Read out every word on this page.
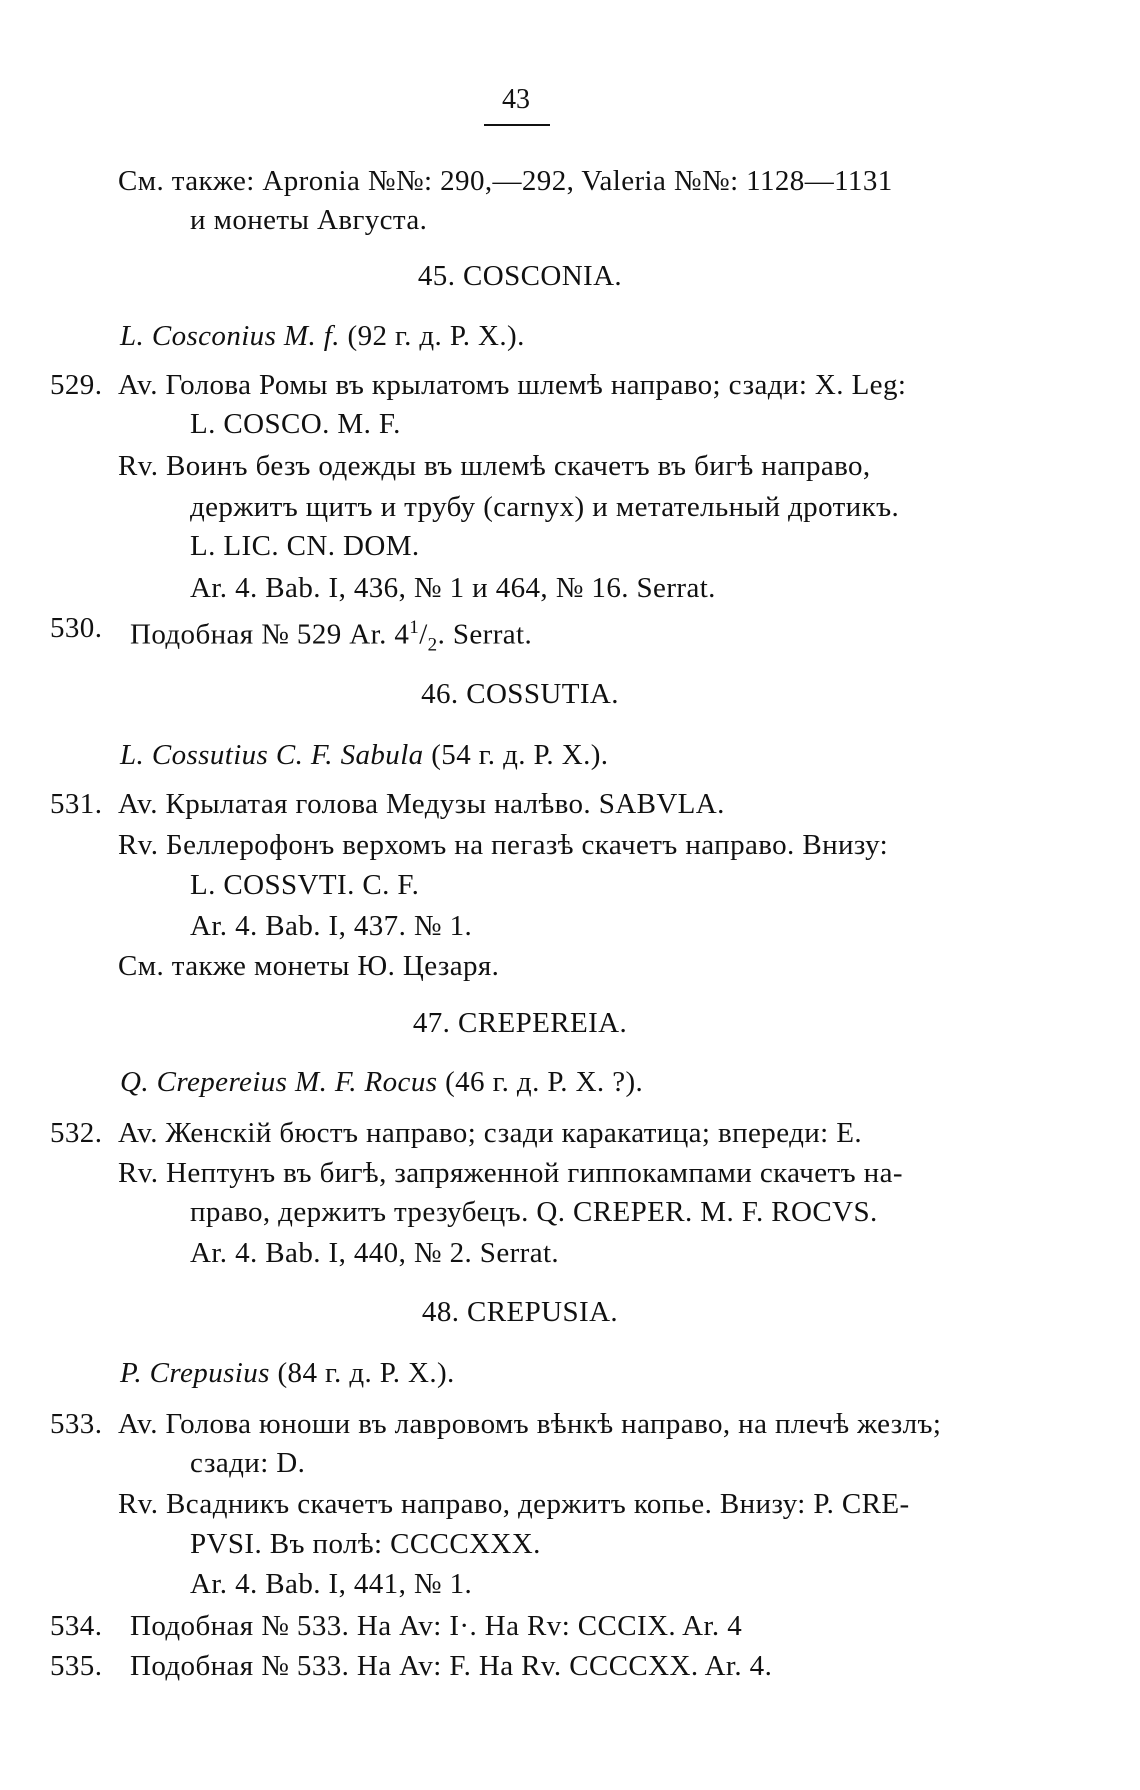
43
См. также: Apronia №№: 290,—292, Valeria №№: 1128—1131
и монеты Августа.
45. COSCONIA.
L. Cosconius M. f. (92 г. д. Р. Х.).
529. Av. Голова Ромы въ крылатомъ шлемѣ направо; сзади: X. Leg:
L. COSCO. M. F.
Rv. Воинъ безъ одежды въ шлемѣ скачетъ въ бигѣ направо,
держитъ щитъ и трубу (carnyx) и метательный дротикъ.
L. LIC. CN. DOM.
Ar. 4. Bab. I, 436, № 1 и 464, № 16. Serrat.
530. Подобная № 529 Ar. $4^1/_2$. Serrat.
46. COSSUTIA.
L. Cossutius C. F. Sabula (54 г. д. Р. Х.).
531. Av. Крылатая голова Медузы налѣво. SABVLA.
Rv. Беллерофонъ верхомъ на пегазѣ скачетъ направо. Внизу:
L. COSSVTI. C. F.
Ar. 4. Bab. I, 437. № 1.
См. также монеты Ю. Цезаря.
47. CREPEREIA.
Q. Crepereius M. F. Rocus (46 г. д. Р. Х. ?).
532. Av. Женскій бюстъ направо; сзади каракатица; впереди: E.
Rv. Нептунъ въ бигѣ, запряженной гиппокампами скачетъ на-
право, держитъ трезубецъ. Q. CREPER. M. F. ROCVS.
Ar. 4. Bab. I, 440, № 2. Serrat.
48. CREPUSIA.
P. Crepusius (84 г. д. Р. Х.).
533. Av. Голова юноши въ лавровомъ вѣнкѣ направо, на плечѣ жезлъ;
сзади: D.
Rv. Всадникъ скачетъ направо, держитъ копье. Внизу: P. CRE-
PVSI. Въ полѣ: CCCCXXX.
Ar. 4. Bab. I, 441, № 1.
534. Подобная № 533. На Av: I·. На Rv: CCCIX. Ar. 4
535. Подобная № 533. На Av: F. На Rv. CCCCXX. Ar. 4.
